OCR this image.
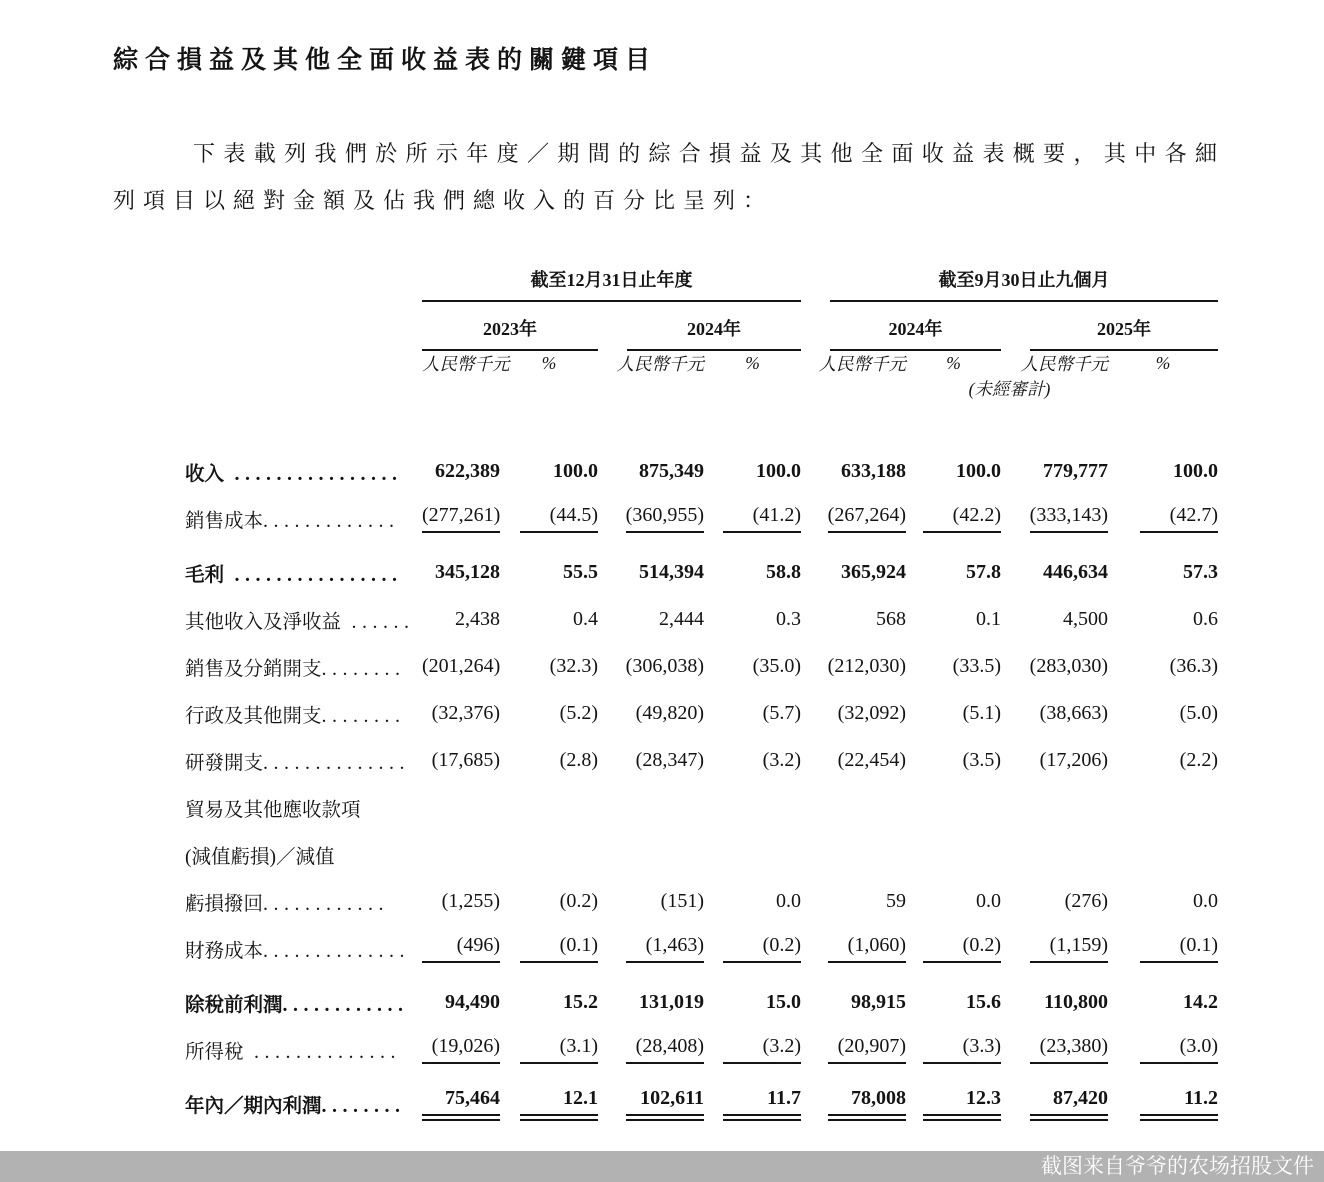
綜合損益及其他全面收益表的關鍵項目

下表載列我們於所示年度／期間的綜合損益及其他全面收益表概要，其中各細列項目以絕對金額及佔我們總收入的百分比呈列：

	截至12月31日止年度				截至9月30日止九個月			

	2023年		2024年		2024年		2025年	

	人民幣千元	%	人民幣千元	%	人民幣千元	%	人民幣千元	%
					(未經審計)			

收入 ................	622,389	100.0	875,349	100.0	633,188	100.0	779,777	100.0
銷售成本.............	(277,261)	(44.5)	(360,955)	(41.2)	(267,264)	(42.2)	(333,143)	(42.7)
毛利 ................	345,128	55.5	514,394	58.8	365,924	57.8	446,634	57.3
其他收入及淨收益 ......	2,438	0.4	2,444	0.3	568	0.1	4,500	0.6
銷售及分銷開支........	(201,264)	(32.3)	(306,038)	(35.0)	(212,030)	(33.5)	(283,030)	(36.3)
行政及其他開支........	(32,376)	(5.2)	(49,820)	(5.7)	(32,092)	(5.1)	(38,663)	(5.0)
研發開支..............	(17,685)	(2.8)	(28,347)	(3.2)	(22,454)	(3.5)	(17,206)	(2.2)
貿易及其他應收款項								
(減值虧損)／減值								
虧損撥回............	(1,255)	(0.2)	(151)	0.0	59	0.0	(276)	0.0
財務成本..............	(496)	(0.1)	(1,463)	(0.2)	(1,060)	(0.2)	(1,159)	(0.1)
除稅前利潤............	94,490	15.2	131,019	15.0	98,915	15.6	110,800	14.2
所得稅 ..............	(19,026)	(3.1)	(28,408)	(3.2)	(20,907)	(3.3)	(23,380)	(3.0)
年內／期內利潤........	75,464	12.1	102,611	11.7	78,008	12.3	87,420	11.2
截图来自爷爷的农场招股文件
